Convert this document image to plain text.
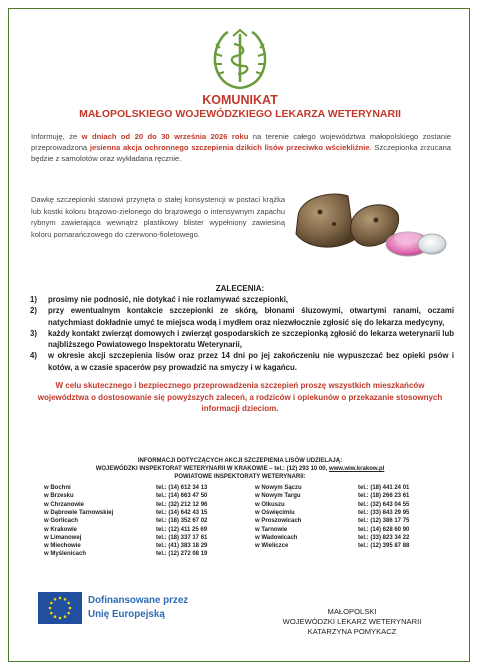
KOMUNIKAT
MAŁOPOLSKIEGO WOJEWÓDZKIEGO LEKARZA WETERYNARII
Informuję, że w dniach od 20 do 30 września 2026 roku na terenie całego województwa małopolskiego zostanie przeprowadzona jesienna akcja ochronnego szczepienia dzikich lisów przeciwko wściekliźnie. Szczepionka zrzucana będzie z samolotów oraz wykładana ręcznie.
Dawkę szczepionki stanowi przynęta o stałej konsystencji w postaci krążka lub kostki koloru brązowo-zielonego do brązowego o intensywnym zapachu rybnym zawierająca wewnątrz plastikowy blister wypełniony zawiesiną koloru pomarańczowego do czerwono-fioletowego.
ZALECENIA:
1) prosimy nie podnosić, nie dotykać i nie rozlamywać szczepionki,
2) przy ewentualnym kontakcie szczepionki ze skórą, błonami śluzowymi, otwartymi ranami, oczami natychmiast dokładnie umyć te miejsca wodą i mydłem oraz niezwłocznie zgłosić się do lekarza medycyny,
3) każdy kontakt zwierząt domowych i zwierząt gospodarskich ze szczepionką zgłosić do lekarza weterynarii lub najbliższego Powiatowego Inspektoratu Weterynarii,
4) w okresie akcji szczepienia lisów oraz przez 14 dni po jej zakończeniu nie wypuszczać bez opieki psów i kotów, a w czasie spacerów psy prowadzić na smyczy i w kagańcu.
W celu skutecznego i bezpiecznego przeprowadzenia szczepień proszę wszystkich mieszkańców województwa o dostosowanie się powyższych zaleceń, a rodziców i opiekunów o przekazanie stosownych informacji dzieciom.
INFORMACJI DOTYCZĄCYCH AKCJI SZCZEPIENIA LISÓW UDZIELAJĄ:
WOJEWÓDZKI INSPEKTORAT WETERYNARII W KRAKOWIE – tel.: (12) 293 10 00, www.wiw.krakow.pl
POWIATOWE INSPEKTORATY WETERYNARII:
w Bochni	tel.: (14) 612 34 13
w Brzesku	tel.: (14) 663 47 50
w Chrzanowie	tel.: (32) 212 12 96
w Dąbrowie Tarnowskiej	tel.: (14) 642 43 15
w Gorlicach	tel.: (18) 352 67 02
w Krakowie	tel.: (12) 411 25 69
w Limanowej	tel.: (18) 337 17 61
w Miechowie	tel.: (41) 383 18 29
w Myślenicach	tel.: (12) 272 08 19
w Nowym Sączu	tel.: (18) 441 24 01
w Nowym Targu	tel.: (18) 266 23 61
w Olkuszu	tel.: (32) 643 04 55
w Oświęcimiu	tel.: (33) 843 29 95
w Proszowicach	tel.: (12) 386 17 75
w Tarnowie	tel.: (14) 628 60 90
w Wadowicach	tel.: (33) 823 34 22
w Wieliczce	tel.: (12) 395 87 88
Dofinansowane przez
Unię Europejską	MAŁOPOLSKI
WOJEWÓDZKI LEKARZ WETERYNARII
KATARZYNA POMYKACZ
